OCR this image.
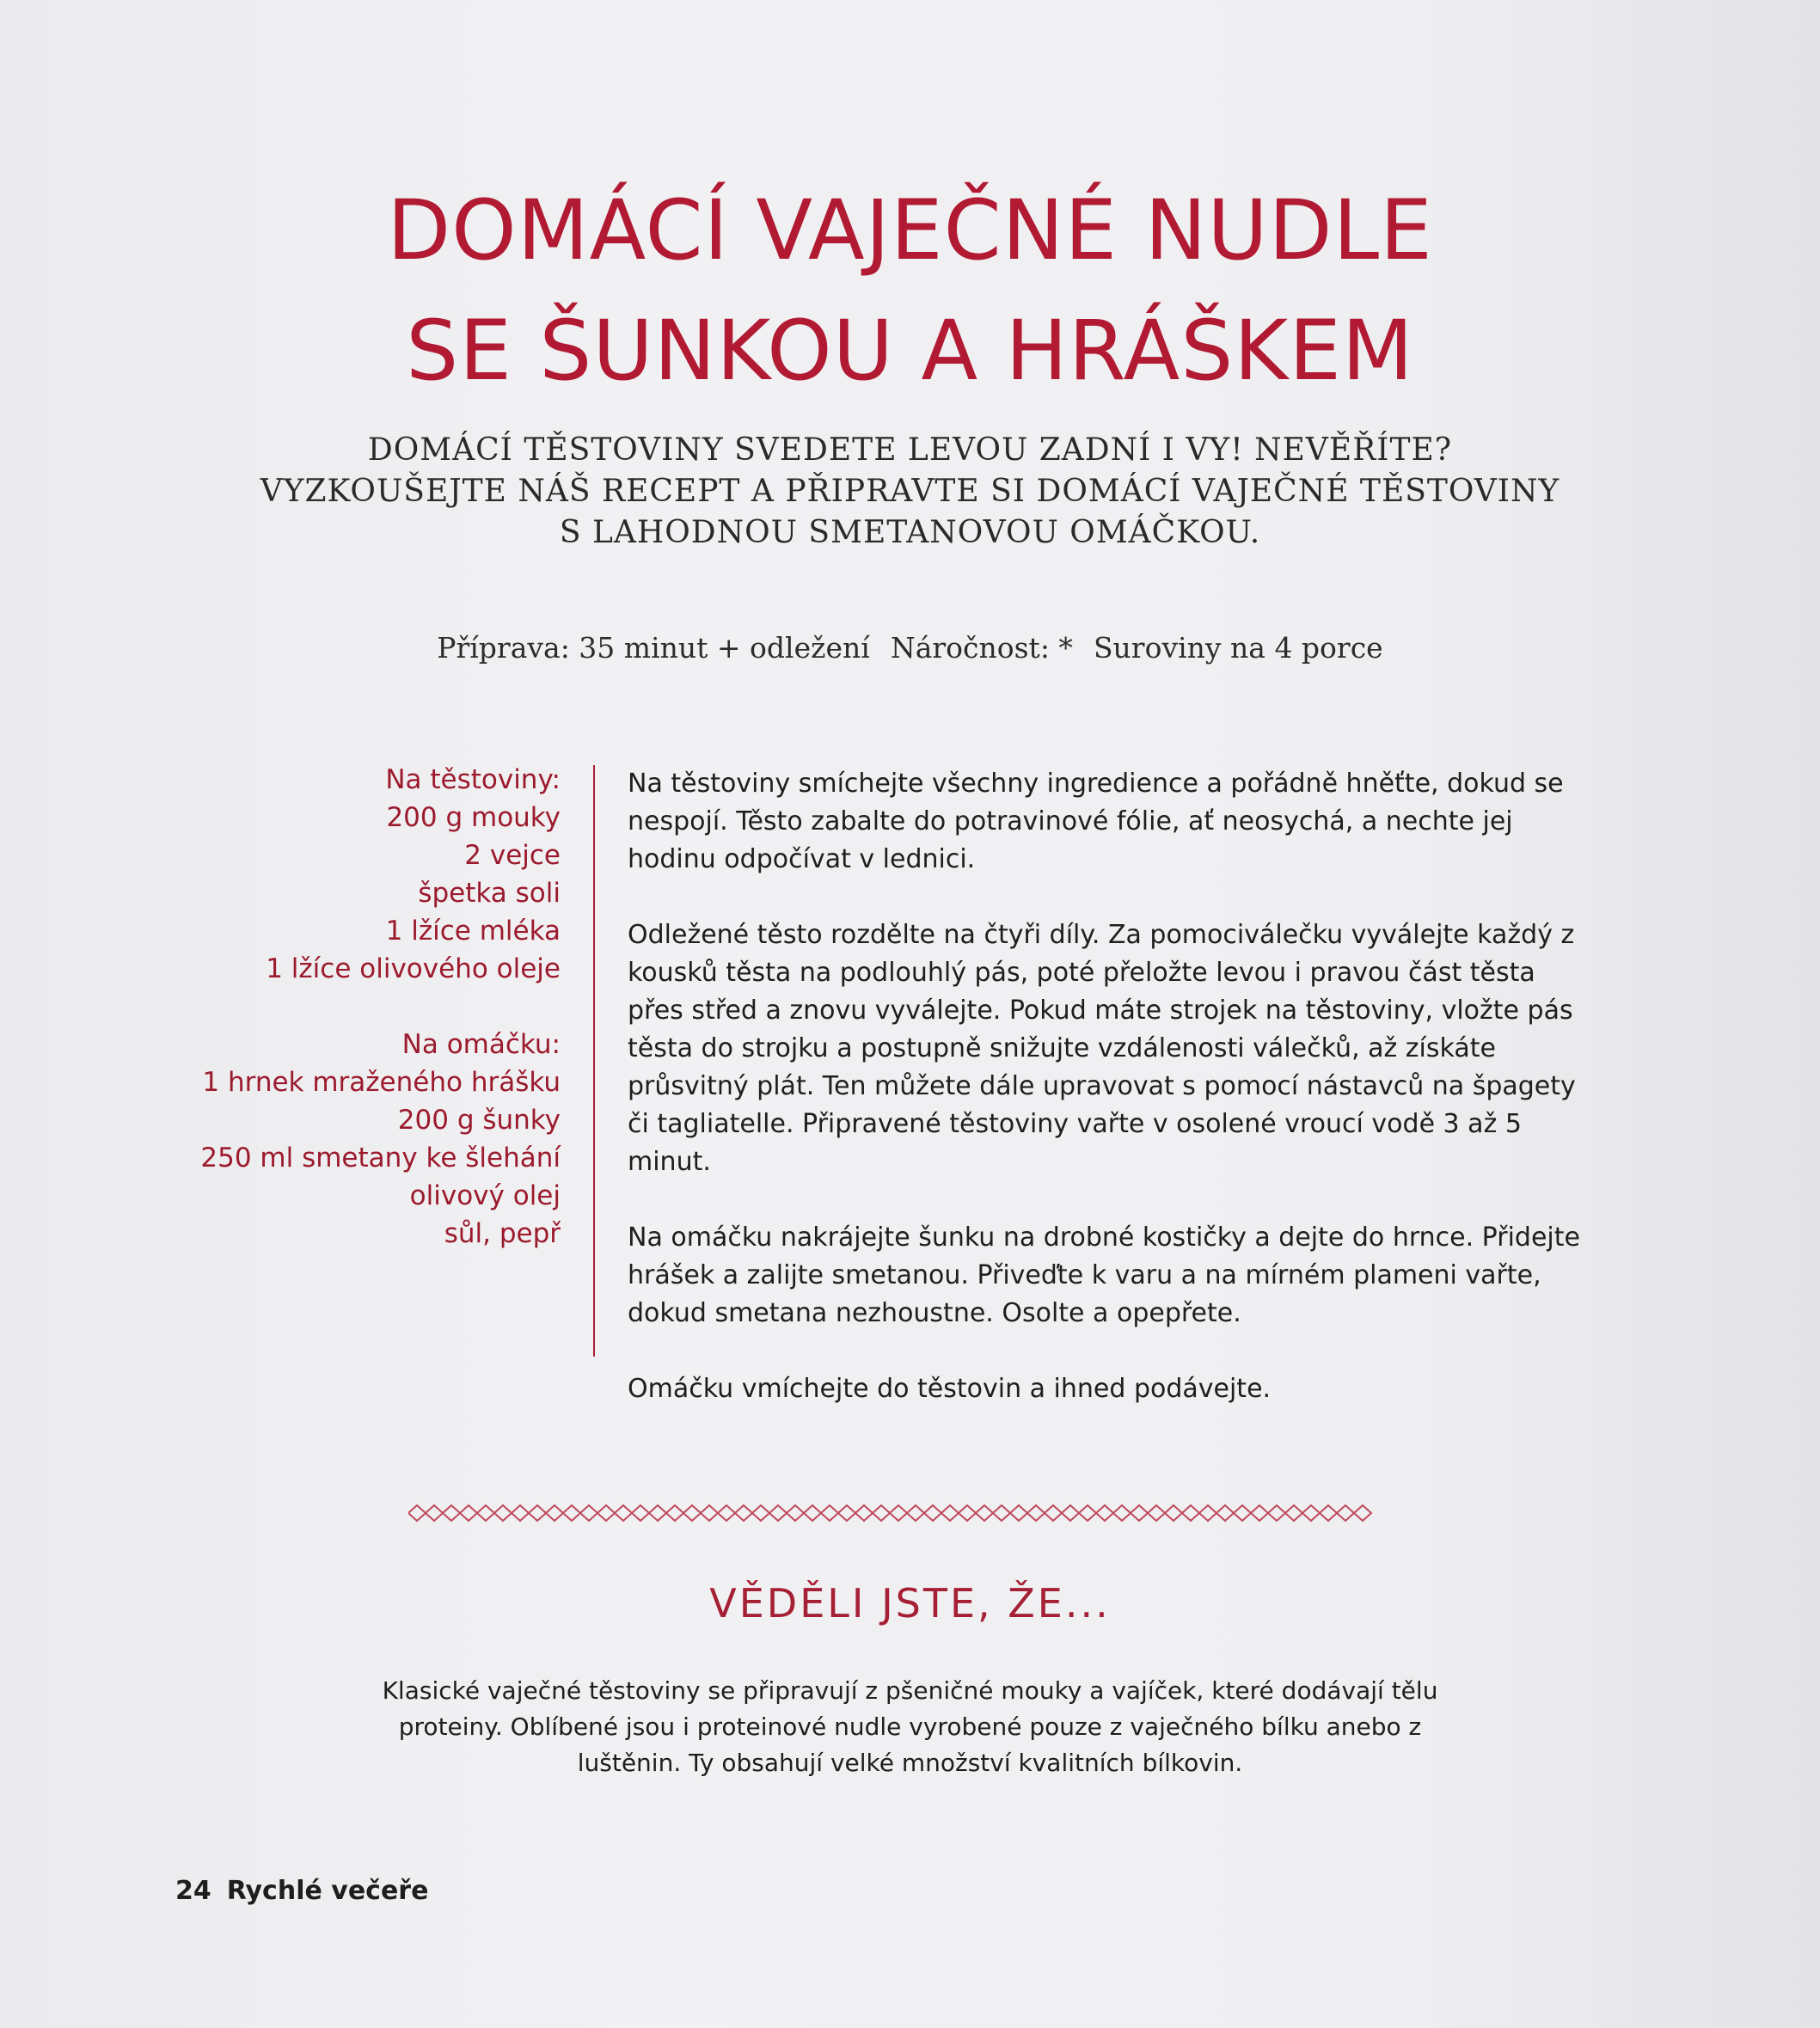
DOMÁCÍ VAJEČNÉ NUDLE
SE ŠUNKOU A HRÁŠKEM

DOMÁCÍ TĚSTOVINY SVEDETE LEVOU ZADNÍ I VY! NEVĚŘÍTE? VYZKOUŠEJTE NÁŠ RECEPT A PŘIPRAVTE SI DOMÁCÍ VAJEČNÉ TĚSTOVINY S LAHODNOU SMETANOVOU OMÁČKOU.

Příprava: 35 minut + odležení Náročnost: * Suroviny na 4 porce
Na těstoviny:
200 g mouky
2 vejce
špetka soli
1 lžíce mléka
1 lžíce olivového oleje
Na omáčku:
1 hrnek mraženého hrášku
200 g šunky
250 ml smetany ke šlehání
olivový olej
sůl, pepř

Na těstoviny smíchejte všechny ingredience a pořádně hněťte, dokud se nespojí. Těsto zabalte do potravinové fólie, ať neosychá, a nechte jej hodinu odpočívat v lednici.

Odležené těsto rozdělte na čtyři díly. Za pomociválečku vyválejte každý z kousků těsta na podlouhlý pás, poté přeložte levou i pravou část těsta přes střed a znovu vyválejte. Pokud máte strojek na těstoviny, vložte pás těsta do strojku a postupně snižujte vzdálenosti válečků, až získáte průsvitný plát. Ten můžete dále upravovat s pomocí nástavců na špagety či tagliatelle. Připravené těstoviny vařte v osolené vroucí vodě 3 až 5 minut.

Na omáčku nakrájejte šunku na drobné kostičky a dejte do hrnce. Přidejte hrášek a zalijte smetanou. Přiveďte k varu a na mírném plameni vařte, dokud smetana nezhoustne. Osolte a opepřete.

Omáčku vmíchejte do těstovin a ihned podávejte.

VĚDĚLI JSTE, ŽE...

Klasické vaječné těstoviny se připravují z pšeničné mouky a vajíček, které dodávají tělu proteiny. Oblíbené jsou i proteinové nudle vyrobené pouze z vaječného bílku anebo z luštěnin. Ty obsahují velké množství kvalitních bílkovin.

24 Rychlé večeře
